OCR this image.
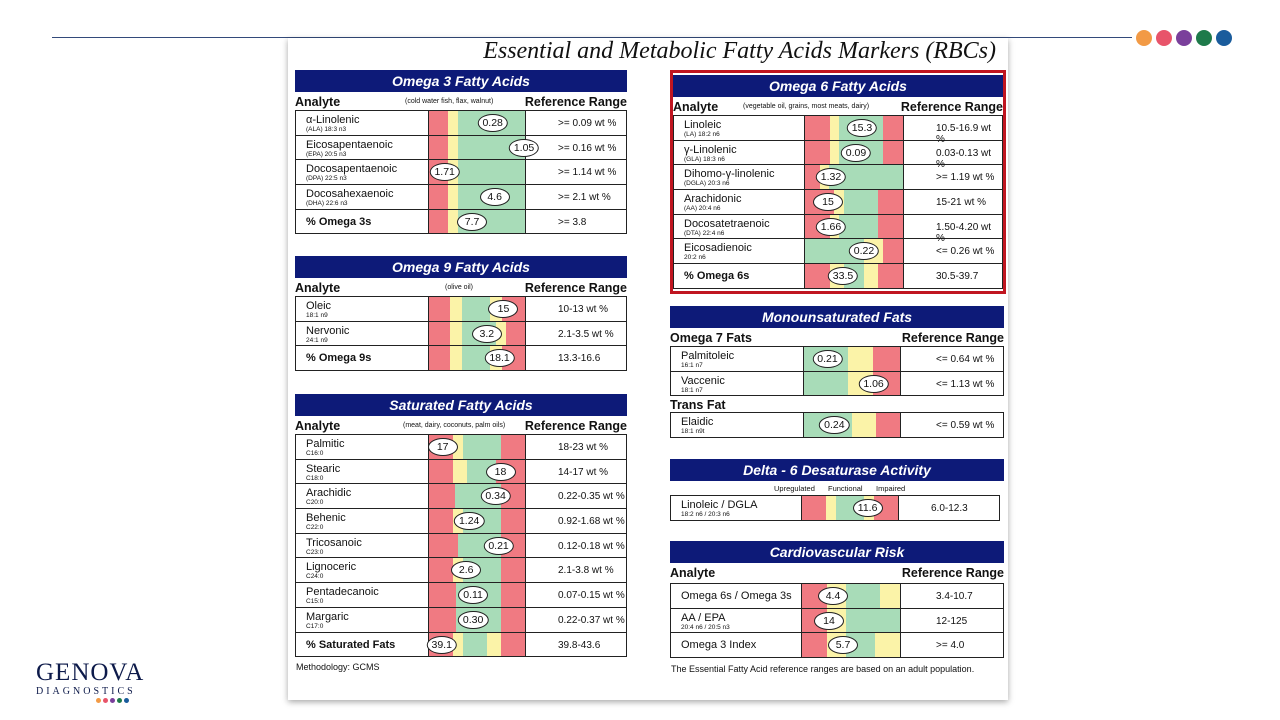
Essential and Metabolic Fatty Acids Markers (RBCs)
Omega 3 Fatty Acids
Analyte	(cold water fish, flax, walnut)	Reference Range
α-Linolenic
(ALA) 18:3 n3
0.28	>= 0.09 wt %
Eicosapentaenoic
(EPA) 20:5 n3
1.05	>= 0.16 wt %
Docosapentaenoic
(DPA) 22:5 n3
1.71	>= 1.14 wt %
Docosahexaenoic
(DHA) 22:6 n3
4.6	>= 2.1 wt %
% Omega 3s	7.7	>= 3.8
Omega 9 Fatty Acids
Analyte	(olive oil)	Reference Range
Oleic
18:1 n9
15	10-13 wt %
Nervonic
24:1 n9
3.2	2.1-3.5 wt %
% Omega 9s	18.1	13.3-16.6
Saturated Fatty Acids
Analyte	(meat, dairy, coconuts, palm oils) Reference Range
Palmitic
C16:0
17	18-23 wt %
Stearic
C18:0
18	14-17 wt %
Arachidic
C20:0
0.34	0.22-0.35 wt %
Behenic
C22:0
1.24	0.92-1.68 wt %
Tricosanoic
C23:0
0.21	0.12-0.18 wt %
Lignoceric
C24:0
2.6	2.1-3.8 wt %
Pentadecanoic
C15:0
0.11	0.07-0.15 wt %
Margaric
C17:0
0.30	0.22-0.37 wt %
% Saturated Fats	39.1	39.8-43.6
Methodology: GCMS
Omega 6 Fatty Acids
Analyte	(vegetable oil, grains, most meats, dairy)	Reference Range
Linoleic
(LA) 18:2 n6
15.3	10.5-16.9 wt %
γ-Linolenic
(GLA) 18:3 n6
0.09	0.03-0.13 wt %
Dihomo-γ-linolenic
(DGLA) 20:3 n6
1.32	>= 1.19 wt %
Arachidonic
(AA) 20:4 n6
15	15-21 wt %
Docosatetraenoic
(DTA) 22:4 n6
1.66	1.50-4.20 wt %
Eicosadienoic
20:2 n6
0.22	<= 0.26 wt %
% Omega 6s	33.5	30.5-39.7
Monounsaturated Fats
Omega 7 Fats	Reference Range
Palmitoleic
16:1 n7
0.21	<= 0.64 wt %
Vaccenic
18:1 n7
1.06	<= 1.13 wt %
Trans Fat
Elaidic
18:1 n9t
0.24	<= 0.59 wt %
Delta - 6 Desaturase Activity
Upregulated Functional Impaired
Linoleic / DGLA
18:2 n6 / 20:3 n6
11.6	6.0-12.3
Cardiovascular Risk
Analyte	Reference Range
Omega 6s / Omega 3s	4.4	3.4-10.7
AA / EPA
20:4 n6 / 20:5 n3
14	12-125
Omega 3 Index	5.7	>= 4.0
The Essential Fatty Acid reference ranges are based on an adult population.
GENOVA
DIAGNOSTICS
